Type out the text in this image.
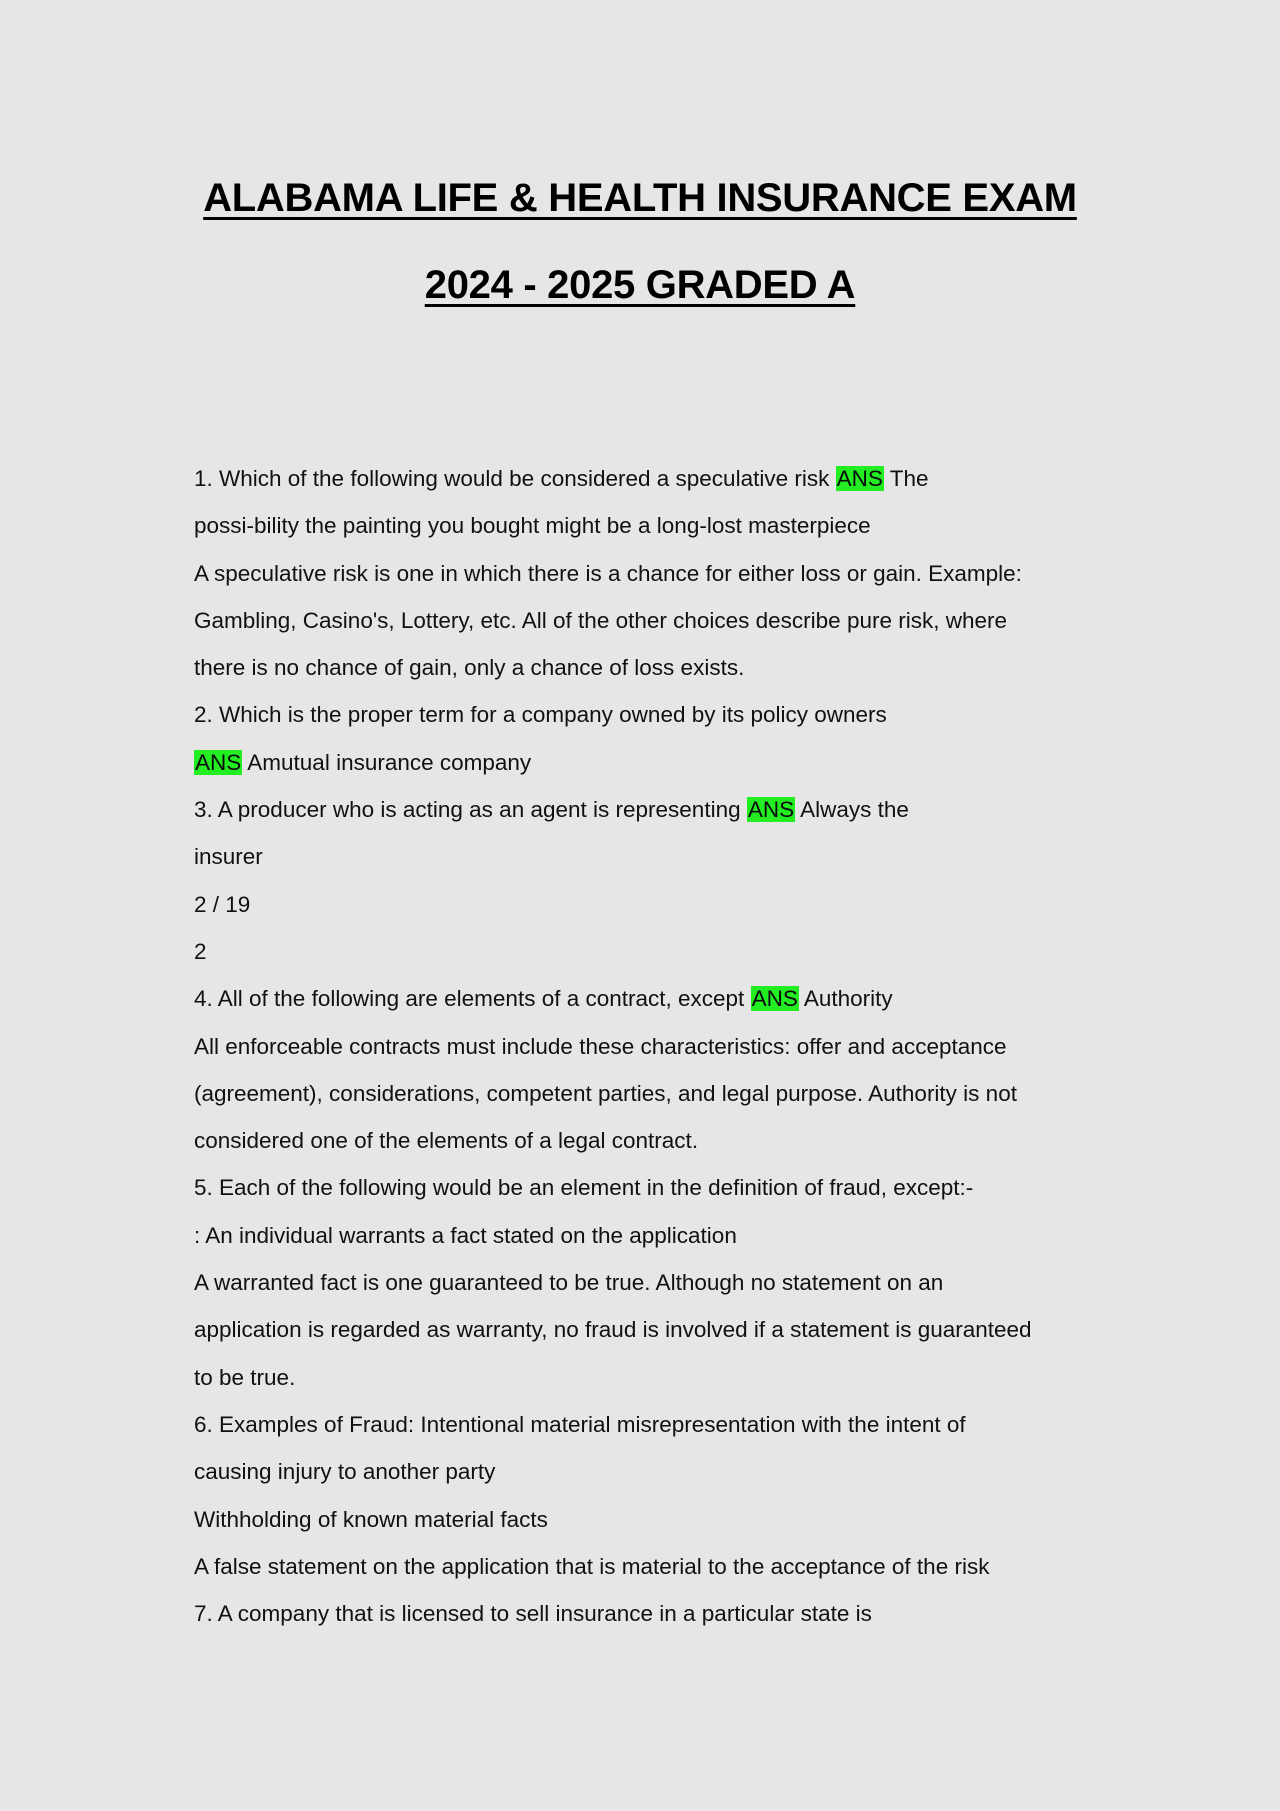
ALABAMA LIFE & HEALTH INSURANCE EXAM
2024 - 2025 GRADED A
1. Which of the following would be considered a speculative risk ANS The
possi-bility the painting you bought might be a long-lost masterpiece
A speculative risk is one in which there is a chance for either loss or gain. Example:
Gambling, Casino's, Lottery, etc. All of the other choices describe pure risk, where
there is no chance of gain, only a chance of loss exists.
2. Which is the proper term for a company owned by its policy owners
ANS Amutual insurance company
3. A producer who is acting as an agent is representing ANS Always the
insurer
2 / 19
2
4. All of the following are elements of a contract, except ANS Authority
All enforceable contracts must include these characteristics: offer and acceptance
(agreement), considerations, competent parties, and legal purpose. Authority is not
considered one of the elements of a legal contract.
5. Each of the following would be an element in the definition of fraud, except:-
: An individual warrants a fact stated on the application
A warranted fact is one guaranteed to be true. Although no statement on an
application is regarded as warranty, no fraud is involved if a statement is guaranteed
to be true.
6. Examples of Fraud: Intentional material misrepresentation with the intent of
causing injury to another party
Withholding of known material facts
A false statement on the application that is material to the acceptance of the risk
7. A company that is licensed to sell insurance in a particular state is
